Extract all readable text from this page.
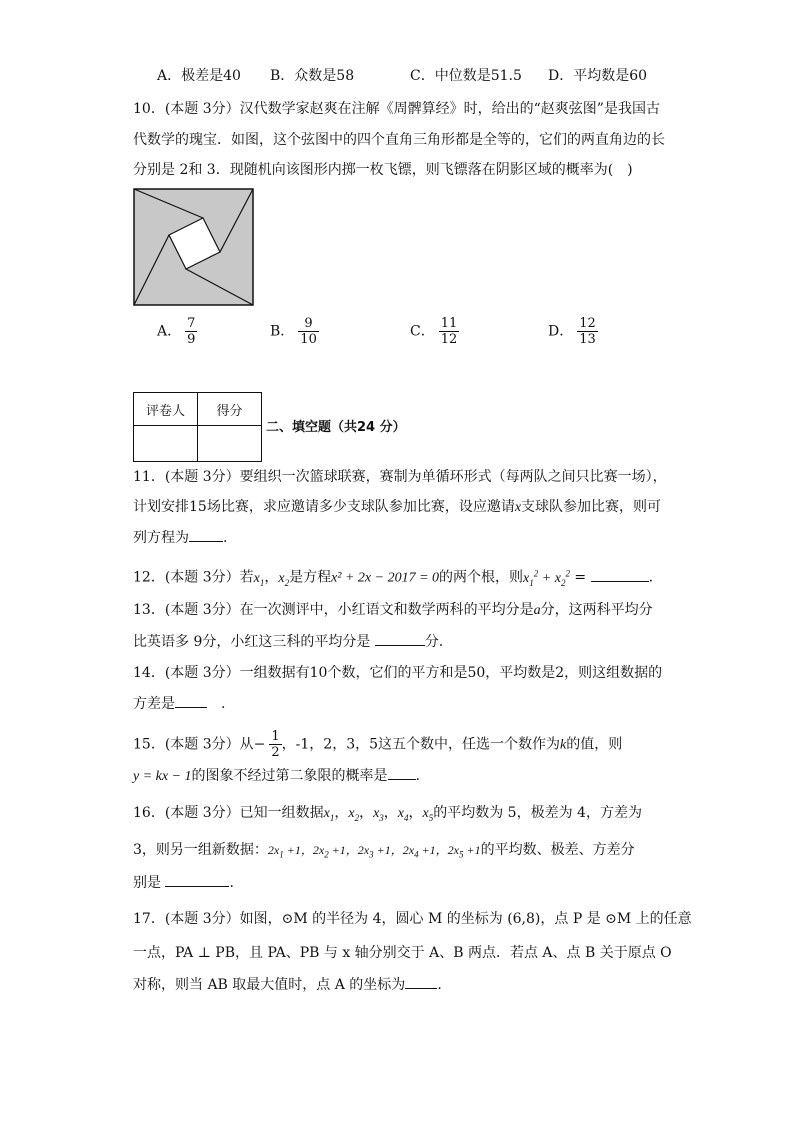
A．极差是40 B．众数是58	C．中位数是51.5 D．平均数是60
10．(本题 3分）汉代数学家赵爽在注解《周髀算经》时，给出的“赵爽弦图”是我国古
代数学的瑰宝．如图，这个弦图中的四个直角三角形都是全等的，它们的两直角边的长
分别是 2和 3．现随机向该图形内掷一枚飞镖，则飞镖落在阴影区域的概率为(　)
A． $\frac{7}{9}$	B． $\frac{9}{10}$	C． $\frac{11}{12}$	D． $\frac{12}{13}$
评卷人	得分

二、填空题（共24 分）
11．(本题 3分）要组织一次篮球联赛，赛制为单循环形式（每两队之间只比赛一场），
计划安排15场比赛，求应邀请多少支球队参加比赛，设应邀请x支球队参加比赛，则可
列方程为 .
12．(本题 3分）若$x_1$，$x_2$是方程x² + 2x − 2017 = 0的两个根，则$x_1^2 + x_2^2$ =	.
13．(本题 3分）在一次测评中，小红语文和数学两科的平均分是a分，这两科平均分
比英语多 9分，小红这三科的平均分是	分.
14．(本题 3分）一组数据有10个数，它们的平方和是50，平均数是2，则这组数据的
方差是　.
15．(本题 3分）从− $\frac{1}{2}$ ，-1，2，3，5这五个数中，任选一个数作为k的值，则
y = kx − 1的图象不经过第二象限的概率是 .
16．(本题 3分）已知一组数据$x_1$，$x_2$，$x_3$，$x_4$，$x_5$的平均数为 5，极差为 4，方差为
3，则另一组新数据：$2x_1 +1$，$2x_2 +1$，$2x_3 +1$，$2x_4 +1$，$2x_5 +1$的平均数、极差、方差分
别是	.
17．(本题 3分）如图，⊙M 的半径为 4，圆心 M 的坐标为 (6,8)，点 P 是 ⊙M 上的任意
一点，PA ⊥ PB，且 PA、PB 与 x 轴分别交于 A、B 两点．若点 A、点 B 关于原点 O
对称，则当 AB 取最大值时，点 A 的坐标为 .
